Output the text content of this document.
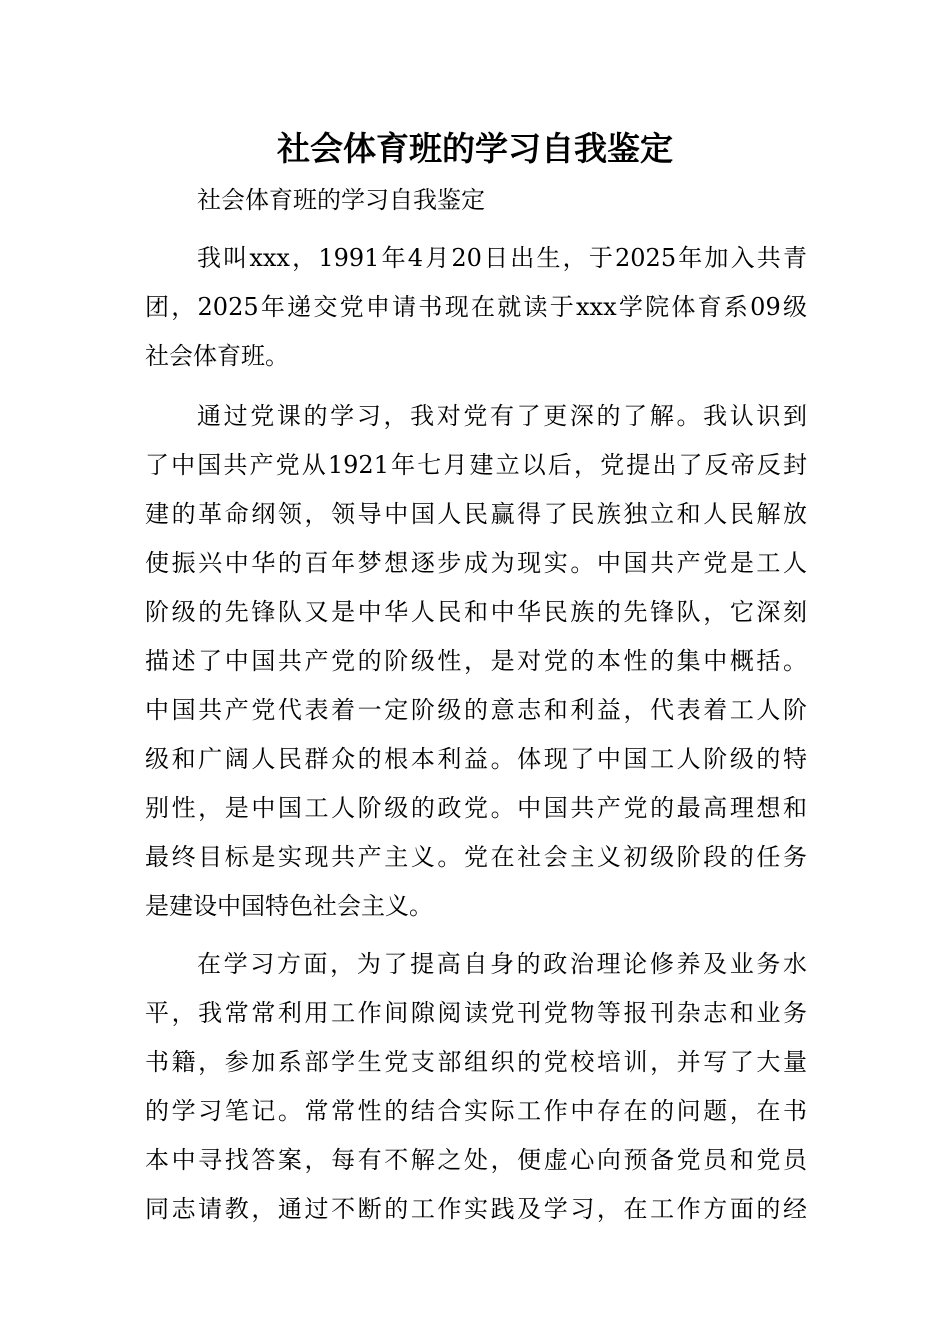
社会体育班的学习自我鉴定
社会体育班的学习自我鉴定
我叫xxx，1991年4月20日出生，于2025年加入共青
团，2025年递交党申请书现在就读于xxx学院体育系09级
社会体育班。
通过党课的学习，我对党有了更深的了解。我认识到
了中国共产党从1921年七月建立以后，党提出了反帝反封
建的革命纲领，领导中国人民赢得了民族独立和人民解放
使振兴中华的百年梦想逐步成为现实。中国共产党是工人
阶级的先锋队又是中华人民和中华民族的先锋队，它深刻
描述了中国共产党的阶级性，是对党的本性的集中概括。
中国共产党代表着一定阶级的意志和利益，代表着工人阶
级和广阔人民群众的根本利益。体现了中国工人阶级的特
别性，是中国工人阶级的政党。中国共产党的最高理想和
最终目标是实现共产主义。党在社会主义初级阶段的任务
是建设中国特色社会主义。
在学习方面，为了提高自身的政治理论修养及业务水
平，我常常利用工作间隙阅读党刊党物等报刊杂志和业务
书籍，参加系部学生党支部组织的党校培训，并写了大量
的学习笔记。常常性的结合实际工作中存在的问题，在书
本中寻找答案，每有不解之处，便虚心向预备党员和党员
同志请教，通过不断的工作实践及学习，在工作方面的经
